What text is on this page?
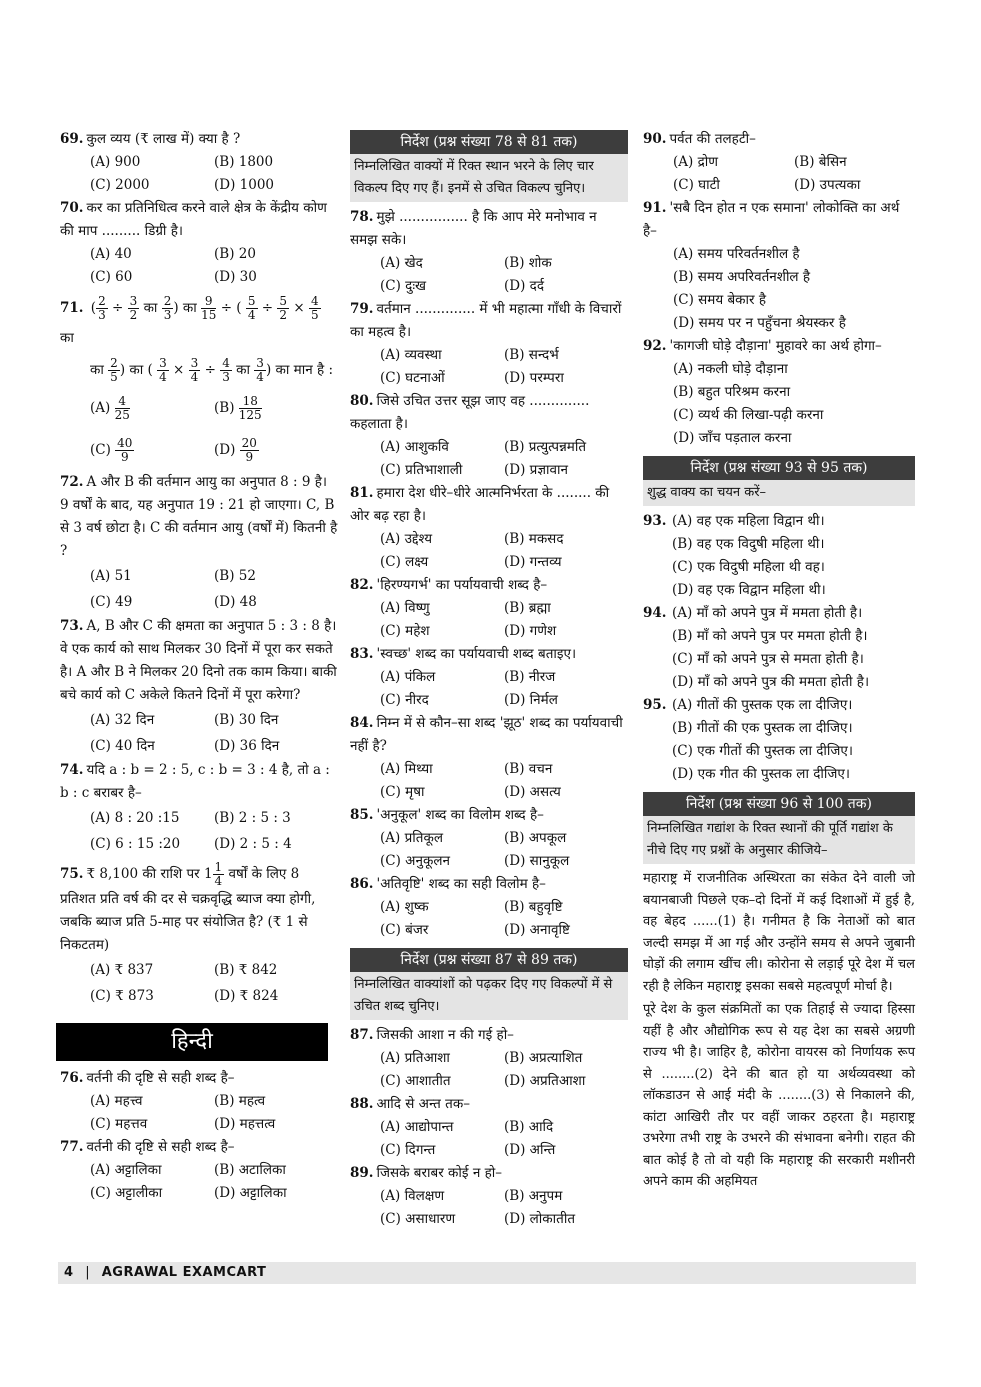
69. कुल व्यय (₹ लाख में) क्या है ?
(A) 900	(B) 1800
(C) 2000	(D) 1000
70. कर का प्रतिनिधित्व करने वाले क्षेत्र के केंद्रीय कोण की माप ......... डिग्री है।
(A) 40	(B) 20
(C) 60	(D) 30
71. ( $\frac{2}{3} \div \frac{3}{2}$ का $\frac{2}{3}$ ) का $\frac{9}{15}$ ÷ ( $\frac{5}{4} \div \frac{5}{2} \times \frac{4}{5}$
का
का $\frac{2}{5}$ ) का ( $\frac{3}{4} \times \frac{3}{4} \div \frac{4}{3}$ का $\frac{3}{4}$ ) का मान है :
$(A) \frac{4}{25}$	$(B) \frac{18}{125}$
$(C) \frac{40}{9}$	$(D) \frac{20}{9}$
72. A और B की वर्तमान आयु का अनुपात 8 : 9 है। 9 वर्षों के बाद, यह अनुपात 19 : 21 हो जाएगा। C, B से 3 वर्ष छोटा है। C की वर्तमान आयु (वर्षों में) कितनी है ?
(A) 51	(B) 52
(C) 49	(D) 48
73. A, B और C की क्षमता का अनुपात 5 : 3 : 8 है। वे एक कार्य को साथ मिलकर 30 दिनों में पूरा कर सकते है। A और B ने मिलकर 20 दिनो तक काम किया। बाकी बचे कार्य को C अकेले कितने दिनों में पूरा करेगा?
(A) 32 दिन	(B) 30 दिन
(C) 40 दिन	(D) 36 दिन
74. यदि a : b = 2 : 5, c : b = 3 : 4 है, तो a : b : c बराबर है–
(A) 8 : 20 :15	(B) 2 : 5 : 3
(C) 6 : 15 :20	(D) 2 : 5 : 4
75. ₹ 8,100 की राशि पर $1 \frac{1}{4}$ वर्षों के लिए 8 प्रतिशत प्रति वर्ष की दर से चक्रवृद्धि ब्याज क्या होगी, जबकि ब्याज प्रति 5-माह पर संयोजित है? (₹ 1 से निकटतम)
(A) ₹ 837	(B) ₹ 842
(C) ₹ 873	(D) ₹ 824
हिन्दी
76. वर्तनी की दृष्टि से सही शब्द है–
(A) महत्त्व	(B) महत्व
(C) महत्तव	(D) महत्तत्व
77. वर्तनी की दृष्टि से सही शब्द है–
(A) अट्टालिका	(B) अटालिका
(C) अट्टालीका	(D) अट्टालिका
निर्देश (प्रश्न संख्या 78 से 81 तक)
निम्नलिखित वाक्यों में रिक्त स्थान भरने के लिए चार विकल्प दिए गए हैं। इनमें से उचित विकल्प चुनिए।
78. मुझे ................ है कि आप मेरे मनोभाव न समझ सके।
(A) खेद	(B) शोक
(C) दुःख	(D) दर्द
79. वर्तमान .............. में भी महात्मा गाँधी के विचारों का महत्व है।
(A) व्यवस्था	(B) सन्दर्भ
(C) घटनाओं	(D) परम्परा
80. जिसे उचित उत्तर सूझ जाए वह .............. कहलाता है।
(A) आशुकवि	(B) प्रत्युत्पन्नमति
(C) प्रतिभाशाली	(D) प्रज्ञावान
81. हमारा देश धीरे–धीरे आत्मनिर्भरता के ........ की ओर बढ़ रहा है।
(A) उद्देश्य	(B) मकसद
(C) लक्ष्य	(D) गन्तव्य
82. 'हिरण्यगर्भ' का पर्यायवाची शब्द है–
(A) विष्णु	(B) ब्रह्मा
(C) महेश	(D) गणेश
83. 'स्वच्छ' शब्द का पर्यायवाची शब्द बताइए।
(A) पंकिल	(B) नीरज
(C) नीरद	(D) निर्मल
84. निम्न में से कौन–सा शब्द 'झूठ' शब्द का पर्यायवाची नहीं है?
(A) मिथ्या	(B) वचन
(C) मृषा	(D) असत्य
85. 'अनुकूल' शब्द का विलोम शब्द है–
(A) प्रतिकूल	(B) अपकूल
(C) अनुकूलन	(D) सानुकूल
86. 'अतिवृष्टि' शब्द का सही विलोम है–
(A) शुष्क	(B) बहुवृष्टि
(C) बंजर	(D) अनावृष्टि
निर्देश (प्रश्न संख्या 87 से 89 तक)
निम्नलिखित वाक्यांशों को पढ़कर दिए गए विकल्पों में से उचित शब्द चुनिए।
87. जिसकी आशा न की गई हो–
(A) प्रतिआशा	(B) अप्रत्याशित
(C) आशातीत	(D) अप्रतिआशा
88. आदि से अन्त तक–
(A) आद्योपान्त	(B) आदि
(C) दिगन्त	(D) अन्ति
89. जिसके बराबर कोई न हो–
(A) विलक्षण	(B) अनुपम
(C) असाधारण	(D) लोकातीत
90. पर्वत की तलहटी–
(A) द्रोण	(B) बेसिन
(C) घाटी	(D) उपत्यका
91. 'सबै दिन होत न एक समाना' लोकोक्ति का अर्थ है–
(A) समय परिवर्तनशील है
(B) समय अपरिवर्तनशील है
(C) समय बेकार है
(D) समय पर न पहुँचना श्रेयस्कर है
92. 'कागजी घोड़े दौड़ाना' मुहावरे का अर्थ होगा–
(A) नकली घोड़े दौड़ाना
(B) बहुत परिश्रम करना
(C) व्यर्थ की लिखा-पढ़ी करना
(D) जाँच पड़ताल करना
निर्देश (प्रश्न संख्या 93 से 95 तक)
शुद्ध वाक्य का चयन करें–
93. (A) वह एक महिला विद्वान थी।
(B) वह एक विदुषी महिला थी।
(C) एक विदुषी महिला थी वह।
(D) वह एक विद्वान महिला थी।
94. (A) माँ को अपने पुत्र में ममता होती है।
(B) माँ को अपने पुत्र पर ममता होती है।
(C) माँ को अपने पुत्र से ममता होती है।
(D) माँ को अपने पुत्र की ममता होती है।
95. (A) गीतों की पुस्तक एक ला दीजिए।
(B) गीतों की एक पुस्तक ला दीजिए।
(C) एक गीतों की पुस्तक ला दीजिए।
(D) एक गीत की पुस्तक ला दीजिए।
निर्देश (प्रश्न संख्या 96 से 100 तक)
निम्नलिखित गद्यांश के रिक्त स्थानों की पूर्ति गद्यांश के नीचे दिए गए प्रश्नों के अनुसार कीजिये–

महाराष्ट्र में राजनीतिक अस्थिरता का संकेत देने वाली जो बयानबाजी पिछले एक–दो दिनों में कई दिशाओं में हुई है, वह बेहद ......(1) है। गनीमत है कि नेताओं को बात जल्दी समझ में आ गई और उन्होंने समय से अपने जुबानी घोड़ों की लगाम खींच ली। कोरोना से लड़ाई पूरे देश में चल रही है लेकिन महाराष्ट्र इसका सबसे महत्वपूर्ण मोर्चा है।

पूरे देश के कुल संक्रमितों का एक तिहाई से ज्यादा हिस्सा यहीं है और औद्योगिक रूप से यह देश का सबसे अग्रणी राज्य भी है। जाहिर है, कोरोना वायरस को निर्णायक रूप से ........(2) देने की बात हो या अर्थव्यवस्था को लॉकडाउन से आई मंदी के ........(3) से निकालने की, कांटा आखिरी तौर पर वहीं जाकर ठहरता है। महाराष्ट्र उभरेगा तभी राष्ट्र के उभरने की संभावना बनेगी। राहत की बात कोई है तो वो यही कि महाराष्ट्र की सरकारी मशीनरी अपने काम की अहमियत

4 | AGRAWAL EXAMCART
